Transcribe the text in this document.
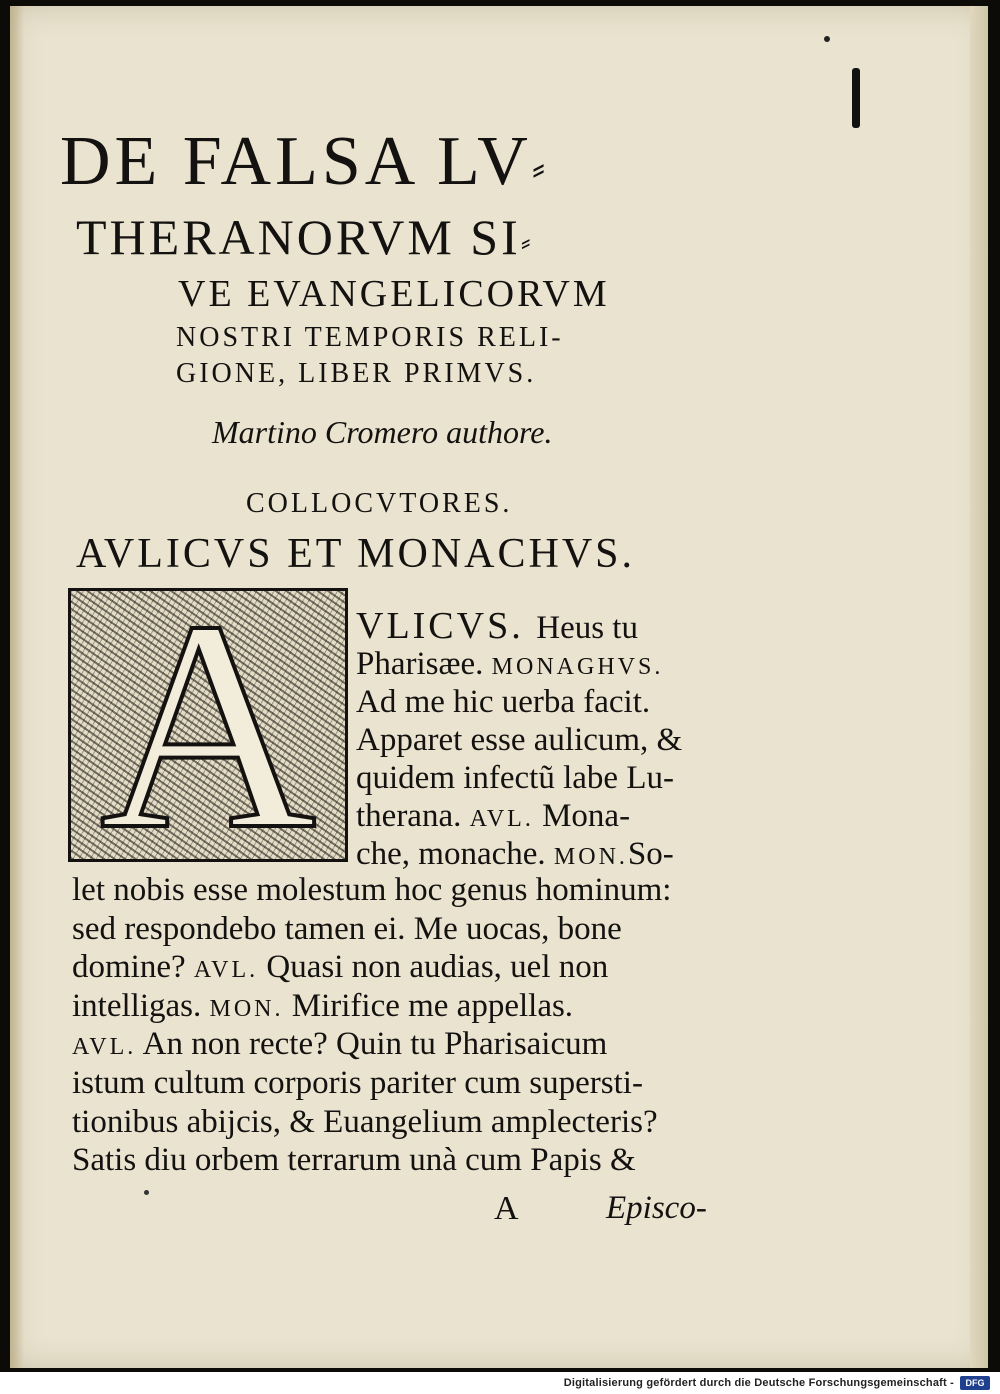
DE FALSA LV⸗
THERANORVM SI⸗
VE EVANGELICORVM
NOSTRI TEMPORIS RELI-
GIONE, LIBER PRIMVS.
Martino Cromero authore.
COLLOCVTORES.
AVLICVS ET MONACHVS.
A	VLICVS. Heus tu
Pharisæe. MONAGHVS.
Ad me hic uerba facit.
Apparet esse aulicum, &
quidem infectũ labe Lu-
therana. AVL. Mona-
che, monache. MON.So-
let nobis esse molestum hoc genus hominum:
sed respondebo tamen ei. Me uocas, bone
domine? AVL. Quasi non audias, uel non
intelligas. MON. Mirifice me appellas.
AVL. An non recte? Quin tu Pharisaicum
istum cultum corporis pariter cum supersti-
tionibus abijcis, & Euangelium amplecteris?
Satis diu orbem terrarum unà cum Papis &
A	Episco-
Digitalisierung gefördert durch die Deutsche Forschungsgemeinschaft -	DFG
